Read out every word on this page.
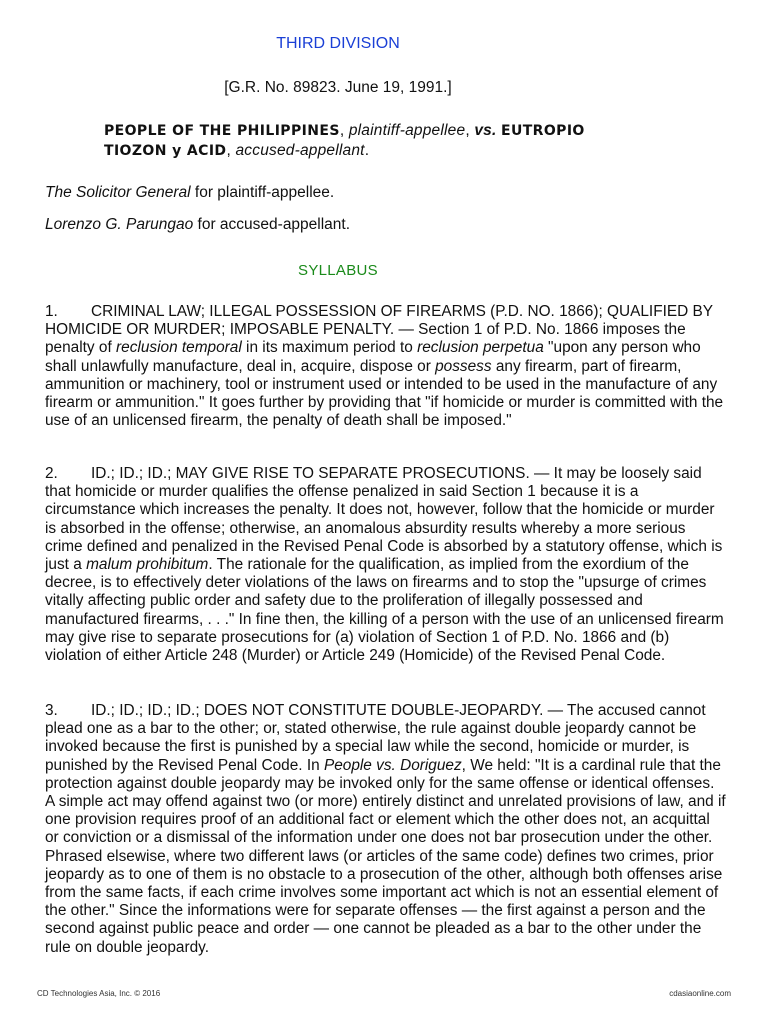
THIRD DIVISION
[G.R. No. 89823. June 19, 1991.]
PEOPLE OF THE PHILIPPINES, plaintiff-appellee, vs. EUTROPIO TIOZON y ACID, accused-appellant.
The Solicitor General for plaintiff-appellee.
Lorenzo G. Parungao for accused-appellant.
SYLLABUS

1. CRIMINAL LAW; ILLEGAL POSSESSION OF FIREARMS (P.D. NO. 1866); QUALIFIED BY HOMICIDE OR MURDER; IMPOSABLE PENALTY. — Section 1 of P.D. No. 1866 imposes the penalty of reclusion temporal in its maximum period to reclusion perpetua "upon any person who shall unlawfully manufacture, deal in, acquire, dispose or possess any firearm, part of firearm, ammunition or machinery, tool or instrument used or intended to be used in the manufacture of any firearm or ammunition." It goes further by providing that "if homicide or murder is committed with the use of an unlicensed firearm, the penalty of death shall be imposed."

2. ID.; ID.; ID.; MAY GIVE RISE TO SEPARATE PROSECUTIONS. — It may be loosely said that homicide or murder qualifies the offense penalized in said Section 1 because it is a circumstance which increases the penalty. It does not, however, follow that the homicide or murder is absorbed in the offense; otherwise, an anomalous absurdity results whereby a more serious crime defined and penalized in the Revised Penal Code is absorbed by a statutory offense, which is just a malum prohibitum. The rationale for the qualification, as implied from the exordium of the decree, is to effectively deter violations of the laws on firearms and to stop the "upsurge of crimes vitally affecting public order and safety due to the proliferation of illegally possessed and manufactured firearms, . . ." In fine then, the killing of a person with the use of an unlicensed firearm may give rise to separate prosecutions for (a) violation of Section 1 of P.D. No. 1866 and (b) violation of either Article 248 (Murder) or Article 249 (Homicide) of the Revised Penal Code.

3. ID.; ID.; ID.; ID.; DOES NOT CONSTITUTE DOUBLE-JEOPARDY. — The accused cannot plead one as a bar to the other; or, stated otherwise, the rule against double jeopardy cannot be invoked because the first is punished by a special law while the second, homicide or murder, is punished by the Revised Penal Code. In People vs. Doriguez, We held: "It is a cardinal rule that the protection against double jeopardy may be invoked only for the same offense or identical offenses. A simple act may offend against two (or more) entirely distinct and unrelated provisions of law, and if one provision requires proof of an additional fact or element which the other does not, an acquittal or conviction or a dismissal of the information under one does not bar prosecution under the other. Phrased elsewise, where two different laws (or articles of the same code) defines two crimes, prior jeopardy as to one of them is no obstacle to a prosecution of the other, although both offenses arise from the same facts, if each crime involves some important act which is not an essential element of the other." Since the informations were for separate offenses — the first against a person and the second against public peace and order — one cannot be pleaded as a bar to the other under the rule on double jeopardy.

CD Technologies Asia, Inc. © 2016	cdasiaonline.com
